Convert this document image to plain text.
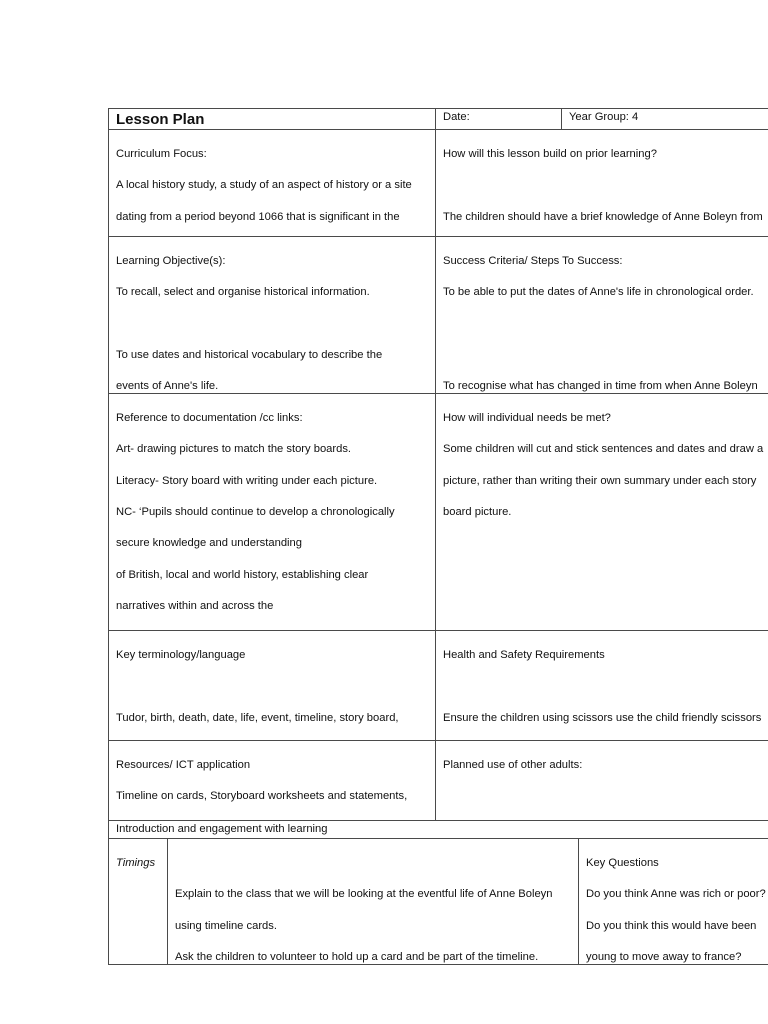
Lesson Plan	Date:	Year Group: 4

Curriculum Focus:

A local history study, a study of an aspect of history or a site

dating from a period beyond 1066 that is significant in the

How will this lesson build on prior learning?

The children should have a brief knowledge of Anne Boleyn from

Learning Objective(s):

To recall, select and organise historical information.

To use dates and historical vocabulary to describe the

events of Anne's life.

Success Criteria/ Steps To Success:

To be able to put the dates of Anne's life in chronological order.

To recognise what has changed in time from when Anne Boleyn

Reference to documentation /cc links:

Art- drawing pictures to match the story boards.

Literacy- Story board with writing under each picture.

NC- ‘Pupils should continue to develop a chronologically

secure knowledge and understanding

of British, local and world history, establishing clear

narratives within and across the

How will individual needs be met?

Some children will cut and stick sentences and dates and draw a

picture, rather than writing their own summary under each story

board picture.

Key terminology/language

Tudor, birth, death, date, life, event, timeline, story board,

Health and Safety Requirements

Ensure the children using scissors use the child friendly scissors

Resources/ ICT application

Timeline on cards, Storyboard worksheets and statements,

Planned use of other adults:

Introduction and engagement with learning

Timings

Explain to the class that we will be looking at the eventful life of Anne Boleyn

using timeline cards.

Ask the children to volunteer to hold up a card and be part of the timeline.

Key Questions

Do you think Anne was rich or poor?

Do you think this would have been

young to move away to france?
